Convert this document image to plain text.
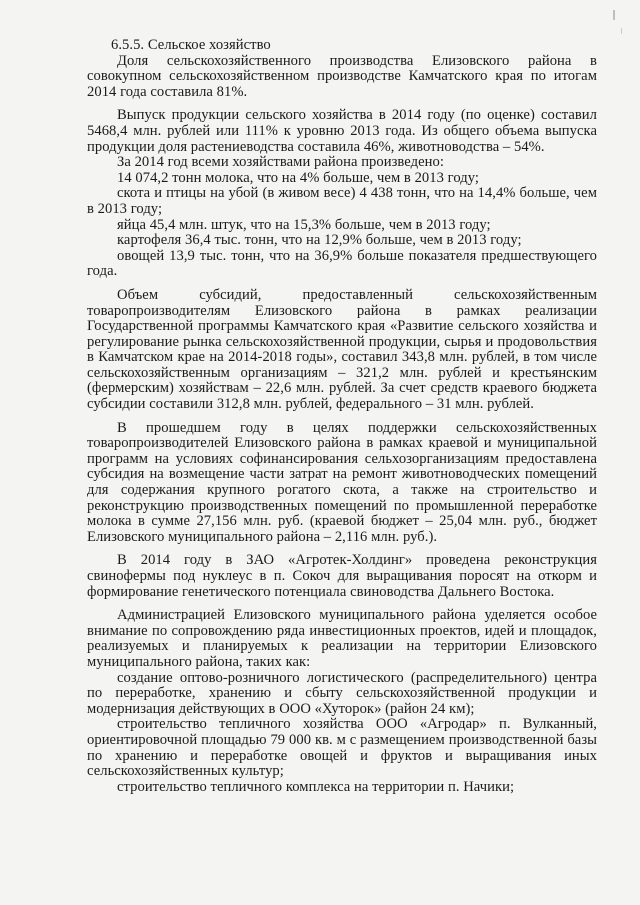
6.5.5. Сельское хозяйство

Доля сельскохозяйственного производства Елизовского района в совокупном сельскохозяйственном производстве Камчатского края по итогам 2014 года составила 81%.

Выпуск продукции сельского хозяйства в 2014 году (по оценке) составил 5468,4 млн. рублей или 111% к уровню 2013 года. Из общего объема выпуска продукции доля растениеводства составила 46%, животноводства – 54%.

За 2014 год всеми хозяйствами района произведено:

14 074,2 тонн молока, что на 4% больше, чем в 2013 году;

скота и птицы на убой (в живом весе) 4 438 тонн, что на 14,4% больше, чем в 2013 году;

яйца 45,4 млн. штук, что на 15,3% больше, чем в 2013 году;

картофеля 36,4 тыс. тонн, что на 12,9% больше, чем в 2013 году;

овощей 13,9 тыс. тонн, что на 36,9% больше показателя предшествующего года.

Объем субсидий, предоставленный сельскохозяйственным товаропроизводителям Елизовского района в рамках реализации Государственной программы Камчатского края «Развитие сельского хозяйства и регулирование рынка сельскохозяйственной продукции, сырья и продовольствия в Камчатском крае на 2014-2018 годы», составил 343,8 млн. рублей, в том числе сельскохозяйственным организациям – 321,2 млн. рублей и крестьянским (фермерским) хозяйствам – 22,6 млн. рублей. За счет средств краевого бюджета субсидии составили 312,8 млн. рублей, федерального – 31 млн. рублей.

В прошедшем году в целях поддержки сельскохозяйственных товаропроизводителей Елизовского района в рамках краевой и муниципальной программ на условиях софинансирования сельхозорганизациям предоставлена субсидия на возмещение части затрат на ремонт животноводческих помещений для содержания крупного рогатого скота, а также на строительство и реконструкцию производственных помещений по промышленной переработке молока в сумме 27,156 млн. руб. (краевой бюджет – 25,04 млн. руб., бюджет Елизовского муниципального района – 2,116 млн. руб.).

В 2014 году в ЗАО «Агротек-Холдинг» проведена реконструкция свинофермы под нуклеус в п. Сокоч для выращивания поросят на откорм и формирование генетического потенциала свиноводства Дальнего Востока.

Администрацией Елизовского муниципального района уделяется особое внимание по сопровождению ряда инвестиционных проектов, идей и площадок, реализуемых и планируемых к реализации на территории Елизовского муниципального района, таких как:

создание оптово-розничного логистического (распределительного) центра по переработке, хранению и сбыту сельскохозяйственной продукции и модернизация действующих в ООО «Хуторок» (район 24 км);

строительство тепличного хозяйства ООО «Агродар» п. Вулканный, ориентировочной площадью 79 000 кв. м с размещением производственной базы по хранению и переработке овощей и фруктов и выращивания иных сельскохозяйственных культур;

строительство тепличного комплекса на территории п. Начики;
